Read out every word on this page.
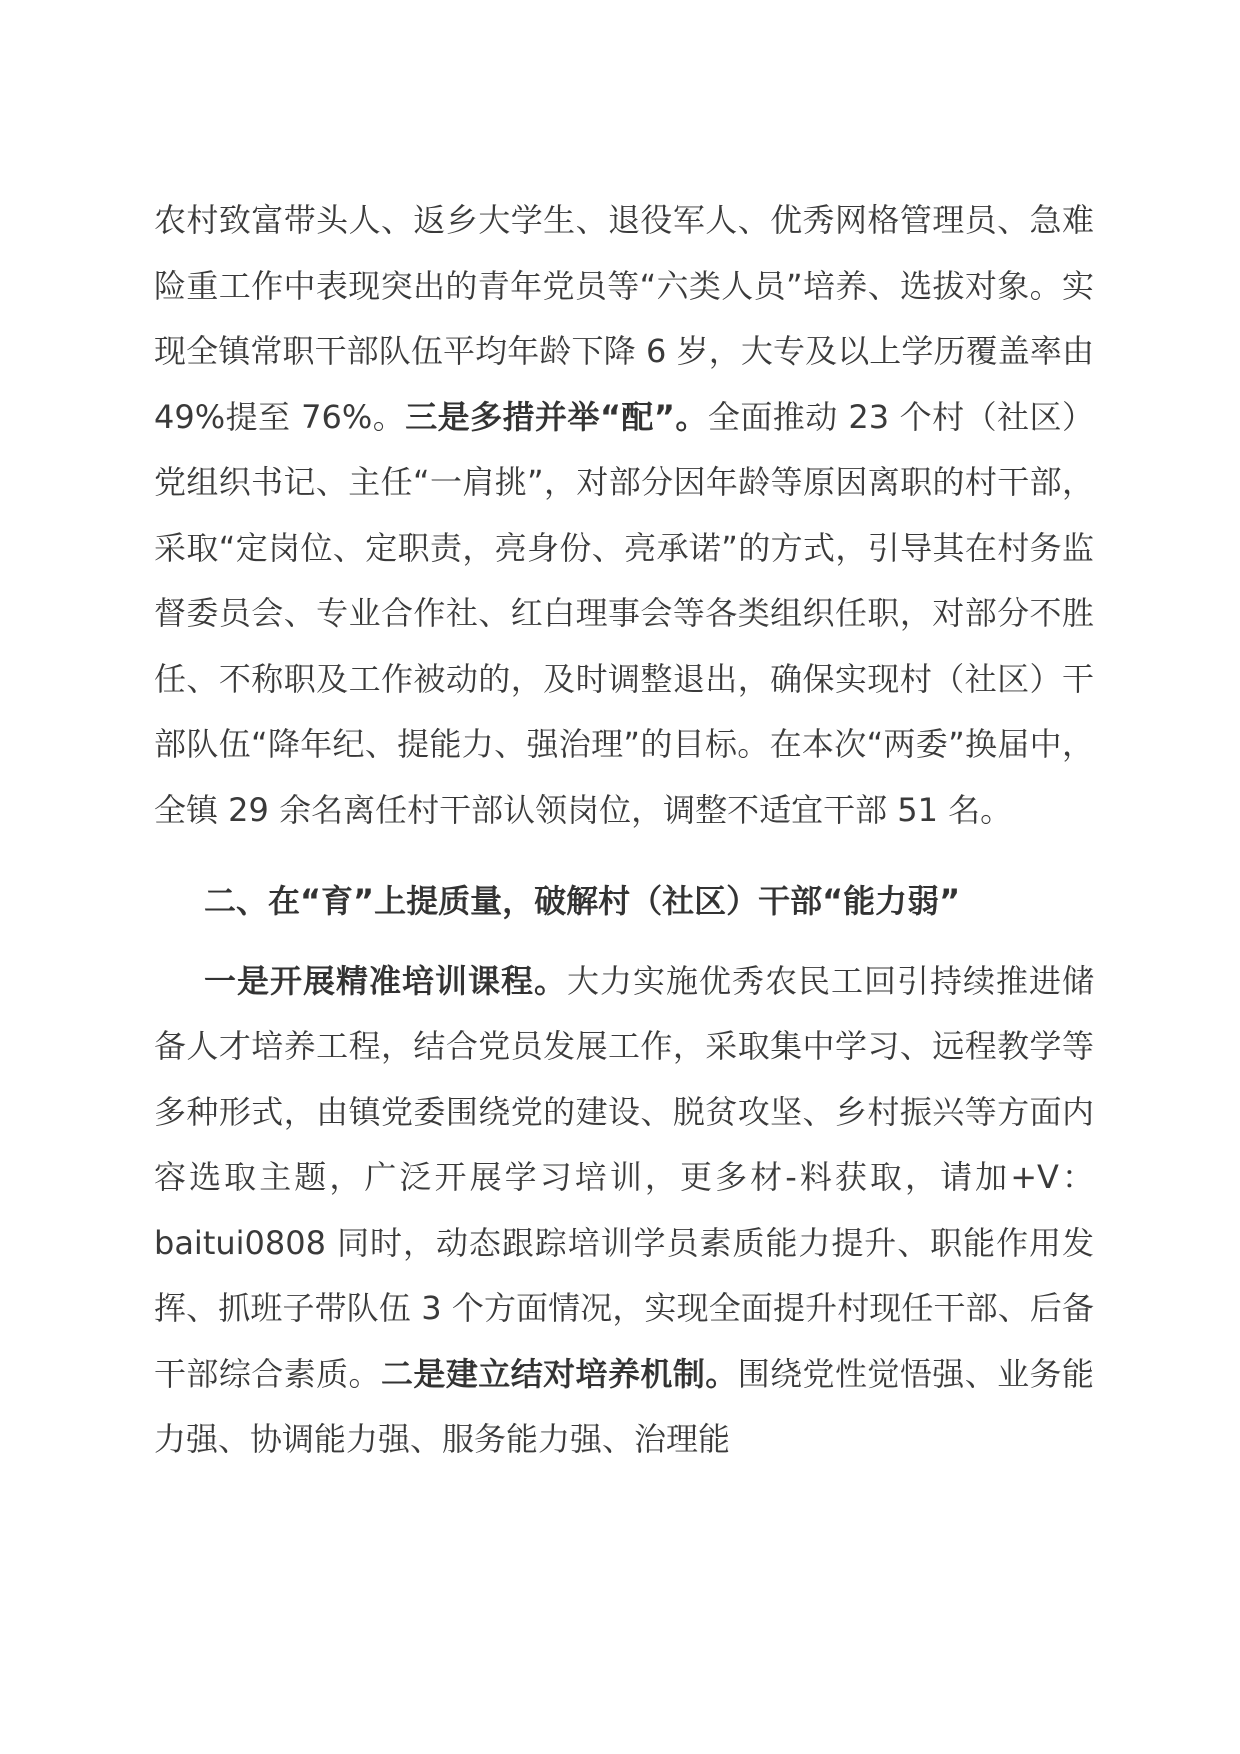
农村致富带头人、返乡大学生、退役军人、优秀网格管理员、急难险重工作中表现突出的青年党员等“六类人员”培养、选拔对象。实现全镇常职干部队伍平均年龄下降 6 岁，大专及以上学历覆盖率由 49%提至 76%。三是多措并举“配”。全面推动 23 个村（社区）党组织书记、主任“一肩挑”，对部分因年龄等原因离职的村干部，采取“定岗位、定职责，亮身份、亮承诺”的方式，引导其在村务监督委员会、专业合作社、红白理事会等各类组织任职，对部分不胜任、不称职及工作被动的，及时调整退出，确保实现村（社区）干部队伍“降年纪、提能力、强治理”的目标。在本次“两委”换届中，全镇 29 余名离任村干部认领岗位，调整不适宜干部 51 名。

二、在“育”上提质量，破解村（社区）干部“能力弱”

一是开展精准培训课程。大力实施优秀农民工回引持续推进储备人才培养工程，结合党员发展工作，采取集中学习、远程教学等多种形式，由镇党委围绕党的建设、脱贫攻坚、乡村振兴等方面内容选取主题，广泛开展学习培训，更多材-料获取，请加+V：baitui0808 同时，动态跟踪培训学员素质能力提升、职能作用发挥、抓班子带队伍 3 个方面情况，实现全面提升村现任干部、后备干部综合素质。二是建立结对培养机制。围绕党性觉悟强、业务能力强、协调能力强、服务能力强、治理能
